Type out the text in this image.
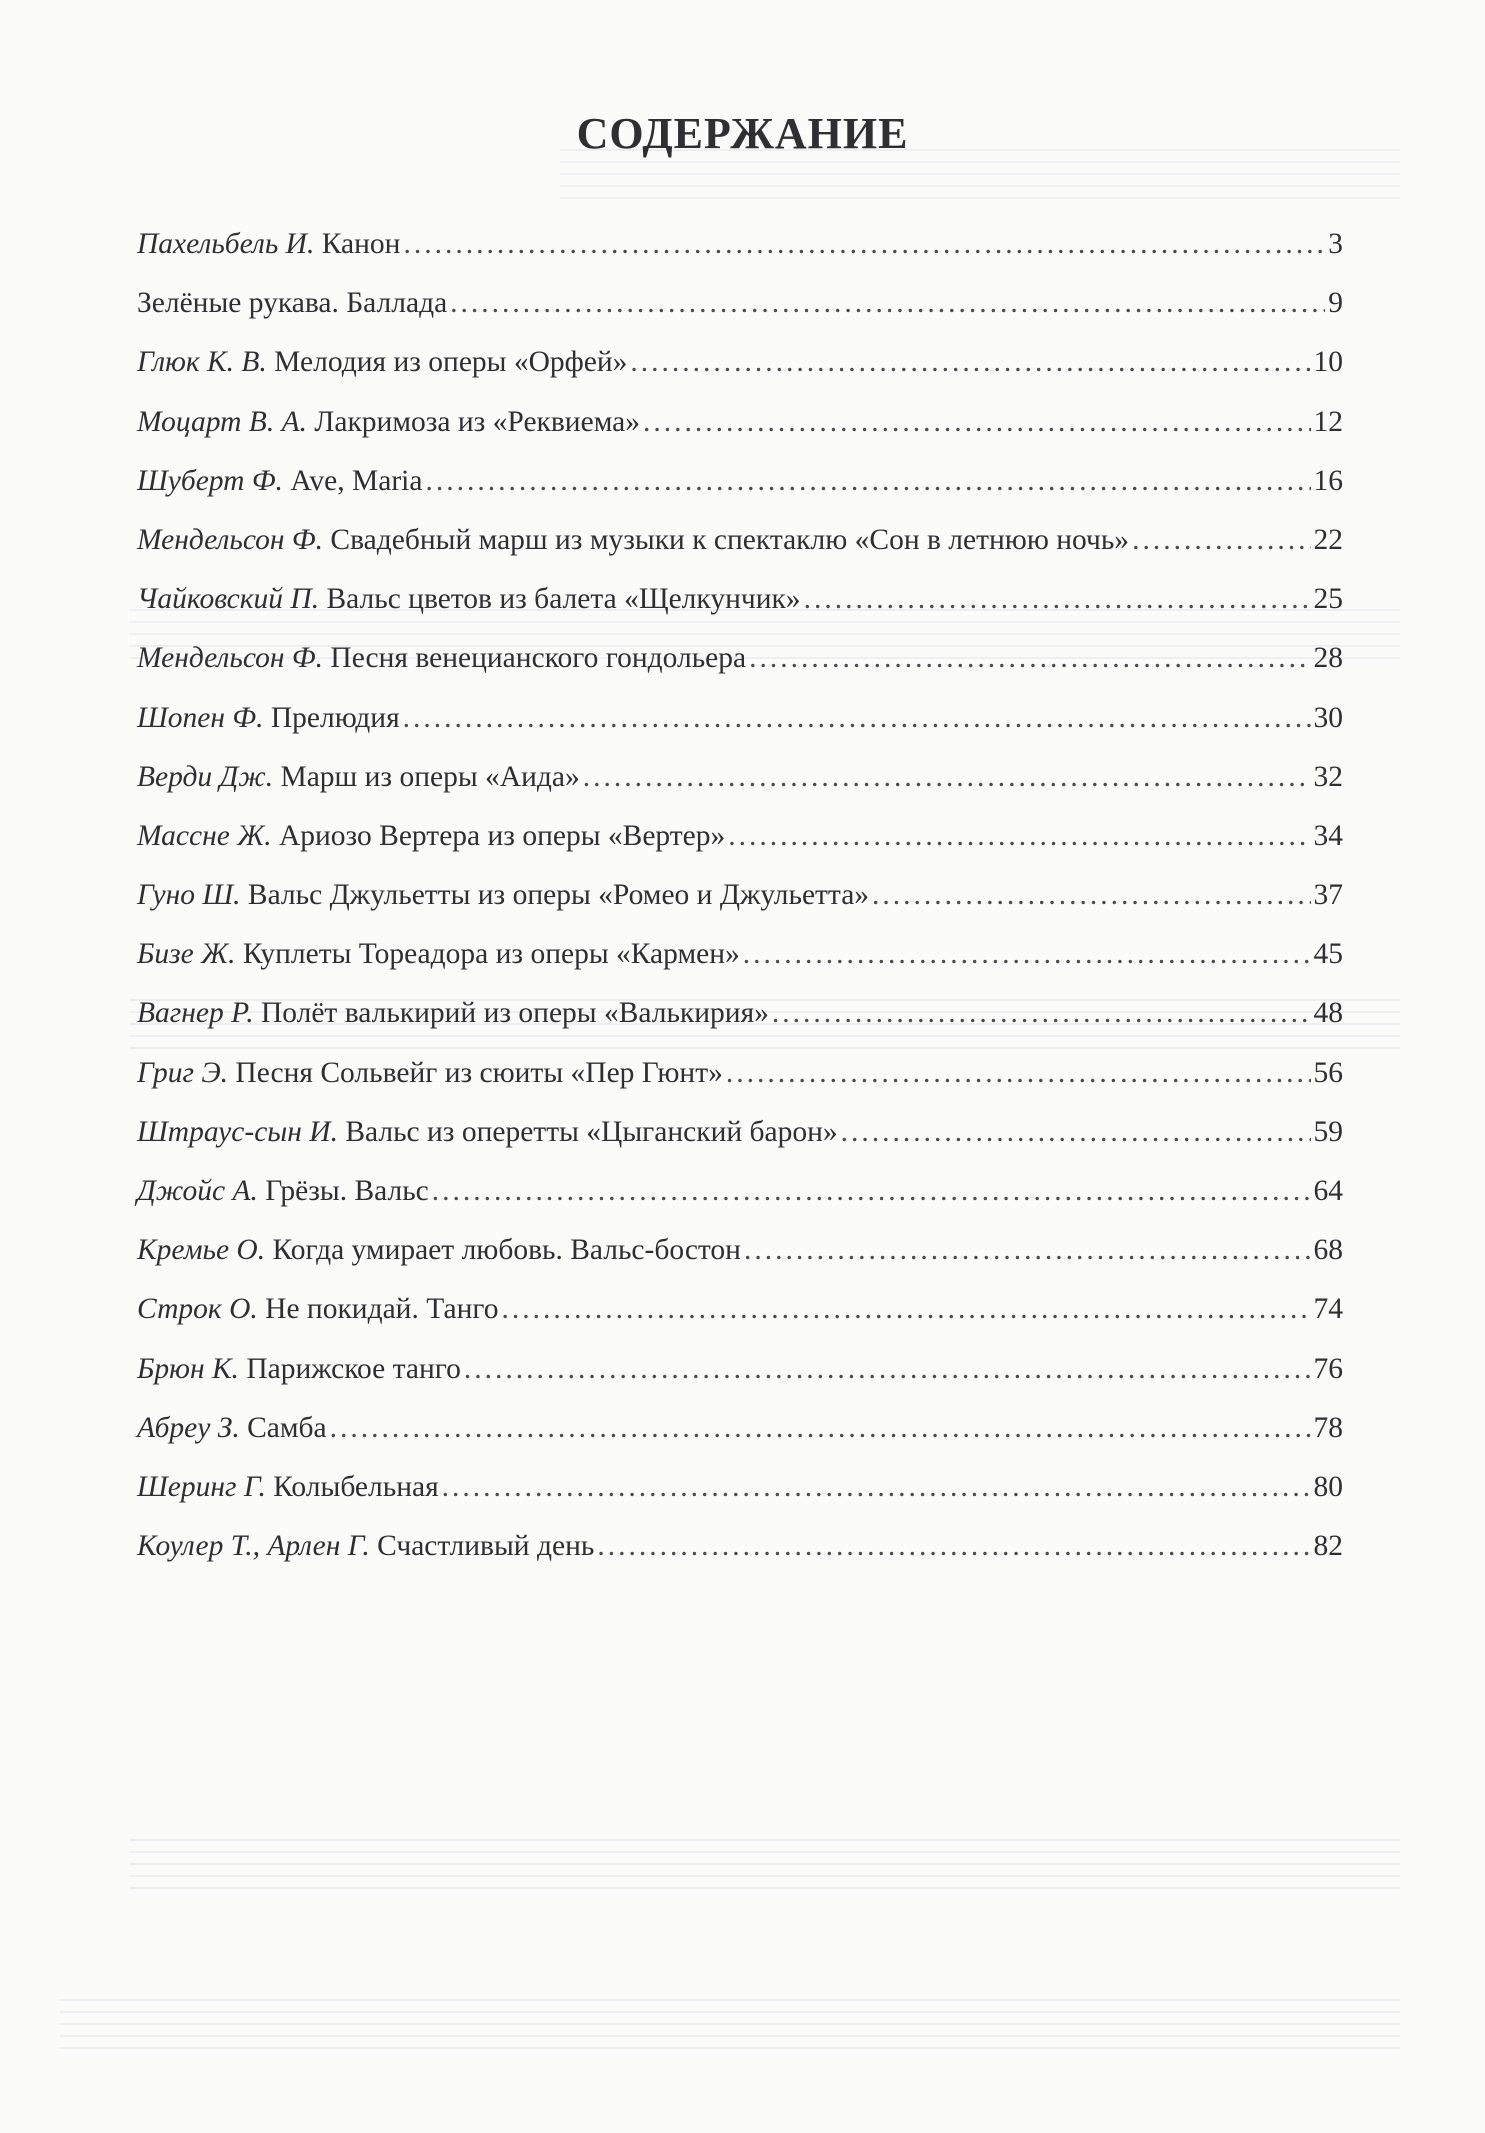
СОДЕРЖАНИЕ
Пахельбель И. Канон .....	3
Зелёные рукава. Баллада .....	9
Глюк К. В. Мелодия из оперы «Орфей» .....	10
Моцарт В. А. Лакримоза из «Реквиема» .....	12
Шуберт Ф. Ave, Maria .....	16
Мендельсон Ф. Свадебный марш из музыки к спектаклю «Сон в летнюю ночь» .....	22
Чайковский П. Вальс цветов из балета «Щелкунчик» .....	25
Мендельсон Ф. Песня венецианского гондольера .....	28
Шопен Ф. Прелюдия .....	30
Верди Дж. Марш из оперы «Аида» .....	32
Массне Ж. Ариозо Вертера из оперы «Вертер» .....	34
Гуно Ш. Вальс Джульетты из оперы «Ромео и Джульетта» .....	37
Бизе Ж. Куплеты Тореадора из оперы «Кармен» .....	45
Вагнер Р. Полёт валькирий из оперы «Валькирия» .....	48
Григ Э. Песня Сольвейг из сюиты «Пер Гюнт» .....	56
Штраус-сын И. Вальс из оперетты «Цыганский барон» .....	59
Джойс А. Грёзы. Вальс .....	64
Кремье О. Когда умирает любовь. Вальс-бостон .....	68
Строк О. Не покидай. Танго .....	74
Брюн К. Парижское танго .....	76
Абреу З. Самба .....	78
Шеринг Г. Колыбельная .....	80
Коулер Т., Арлен Г. Счастливый день .....	82
